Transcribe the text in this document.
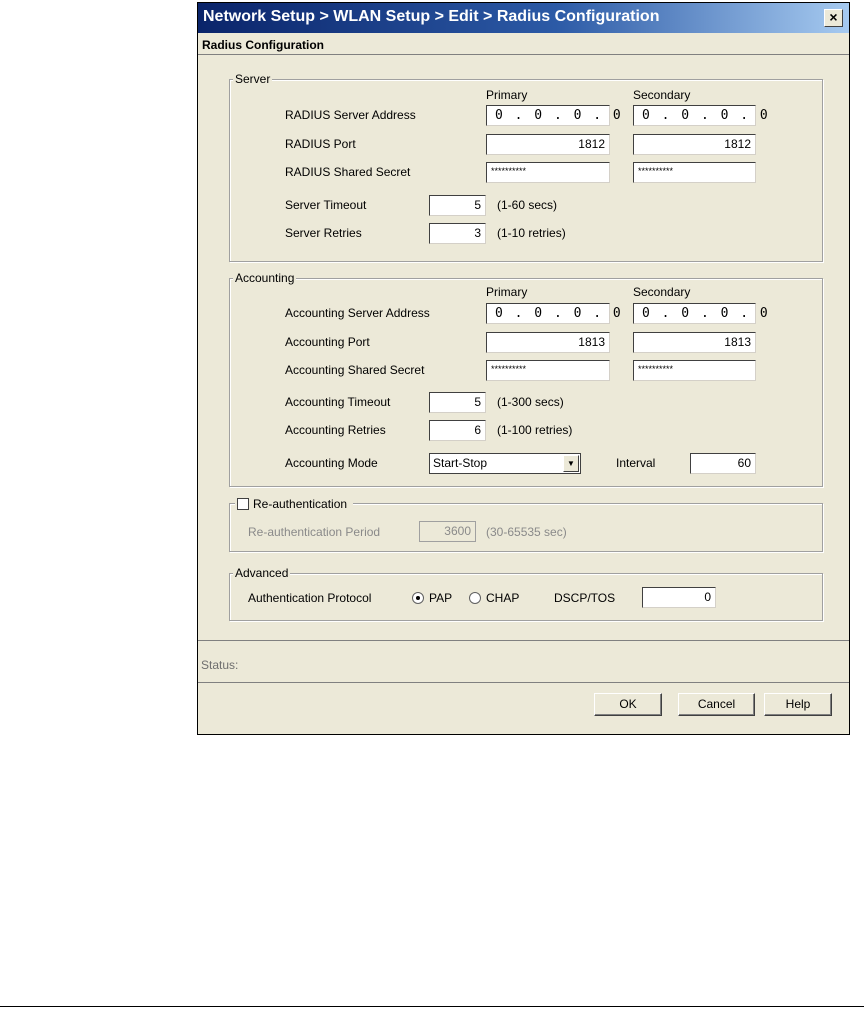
Network Setup > WLAN Setup > Edit > Radius Configuration	×
Radius Configuration
Server
Primary	Secondary
RADIUS Server Address	0 . 0 . 0 . 0	0 . 0 . 0 . 0
RADIUS Port	1812	1812
RADIUS Shared Secret	**********	**********
Server Timeout	5	(1-60 secs)
Server Retries	3	(1-10 retries)
Accounting
Primary	Secondary
Accounting Server Address	0 . 0 . 0 . 0	0 . 0 . 0 . 0
Accounting Port	1813	1813
Accounting Shared Secret	**********	**********
Accounting Timeout	5	(1-300 secs)
Accounting Retries	6	(1-100 retries)
Accounting Mode	Start-Stop	▼	Interval	60
Re-authentication
Re-authentication Period	3600	(30-65535 sec)
Advanced
Authentication Protocol	PAP	CHAP	DSCP/TOS	0
Status:
OK	Cancel	Help
